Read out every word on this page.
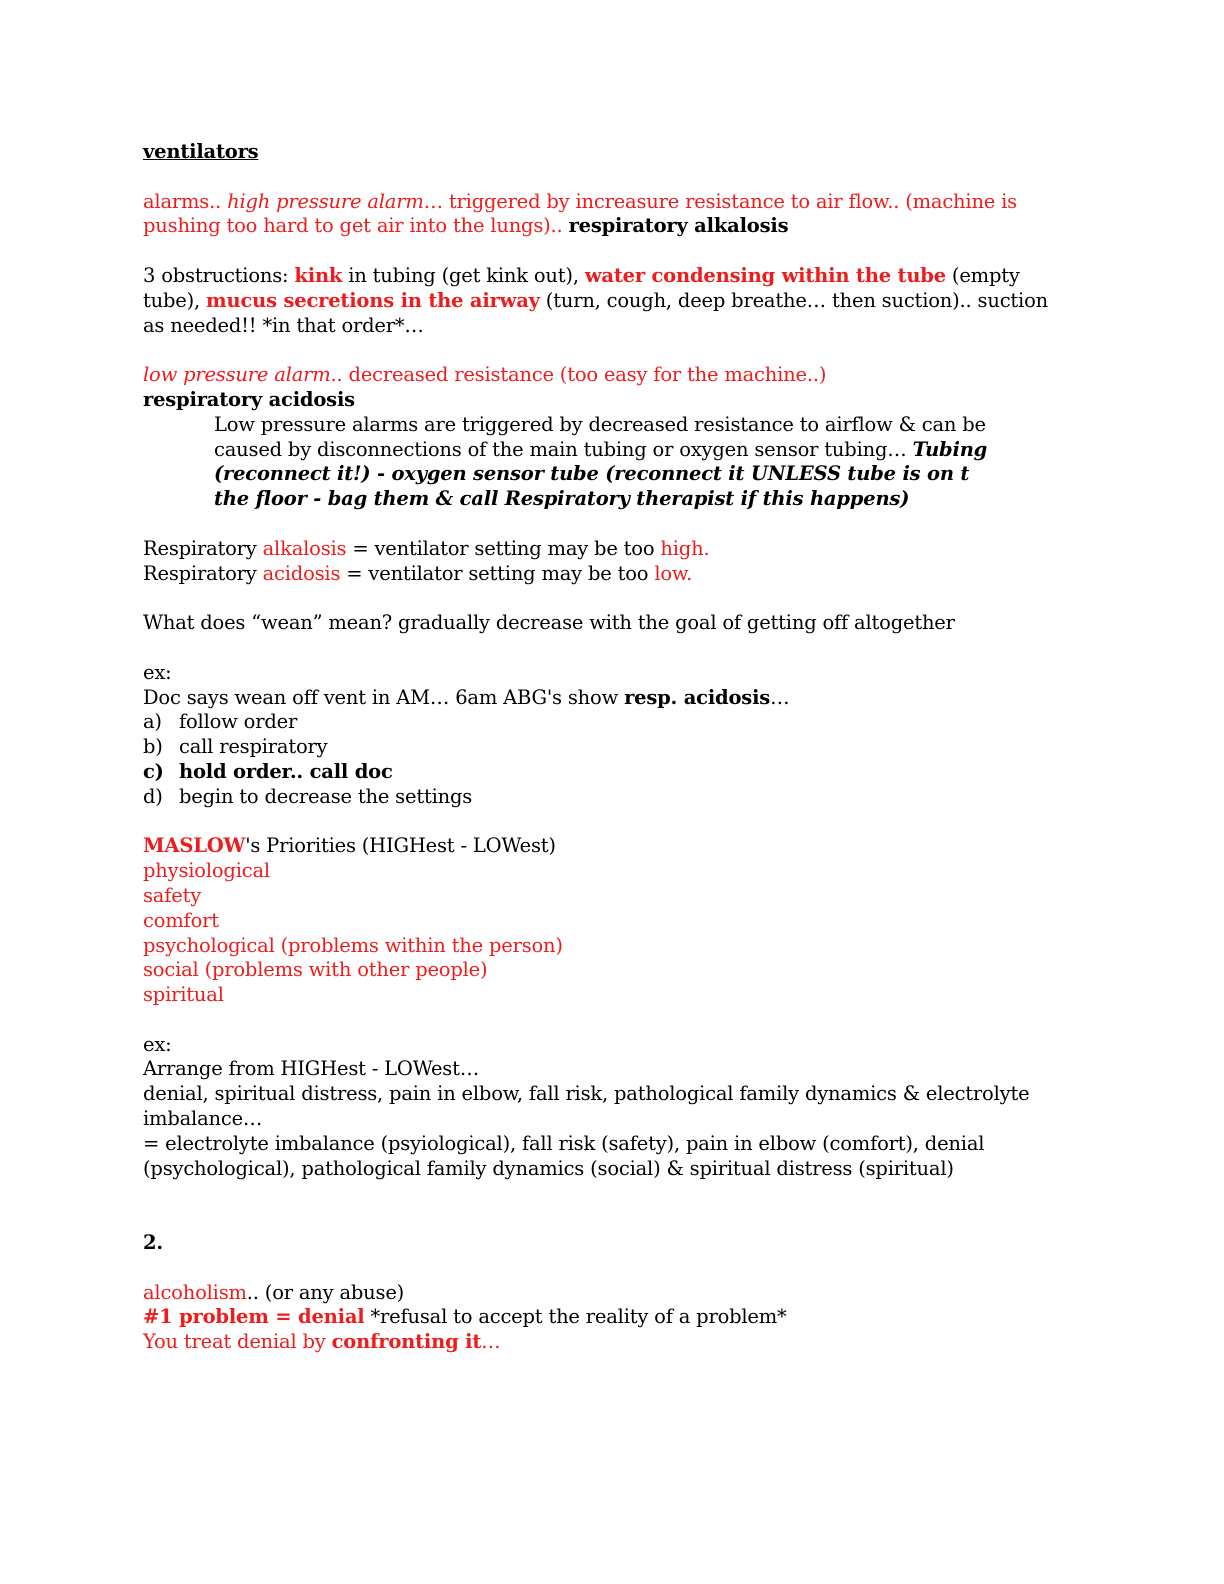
ventilators
alarms.. high pressure alarm… triggered by increasure resistance to air flow.. (machine is
pushing too hard to get air into the lungs).. respiratory alkalosis
3 obstructions: kink in tubing (get kink out), water condensing within the tube (empty
tube), mucus secretions in the airway (turn, cough, deep breathe… then suction).. suction
as needed!! *in that order*…
low pressure alarm.. decreased resistance (too easy for the machine..)
respiratory acidosis
Low pressure alarms are triggered by decreased resistance to airflow & can be
caused by disconnections of the main tubing or oxygen sensor tubing… Tubing
(reconnect it!) - oxygen sensor tube (reconnect it UNLESS tube is on t
the floor - bag them & call Respiratory therapist if this happens)
Respiratory alkalosis = ventilator setting may be too high.
Respiratory acidosis = ventilator setting may be too low.
What does “wean” mean? gradually decrease with the goal of getting off altogether
ex:
Doc says wean off vent in AM… 6am ABG's show resp. acidosis…
a) follow order
b) call respiratory
c) hold order.. call doc
d) begin to decrease the settings
MASLOW's Priorities (HIGHest - LOWest)
physiological
safety
comfort
psychological (problems within the person)
social (problems with other people)
spiritual
ex:
Arrange from HIGHest - LOWest…
denial, spiritual distress, pain in elbow, fall risk, pathological family dynamics & electrolyte
imbalance…
= electrolyte imbalance (psyiological), fall risk (safety), pain in elbow (comfort), denial
(psychological), pathological family dynamics (social) & spiritual distress (spiritual)
2.
alcoholism.. (or any abuse)
#1 problem = denial *refusal to accept the reality of a problem*
You treat denial by confronting it…
